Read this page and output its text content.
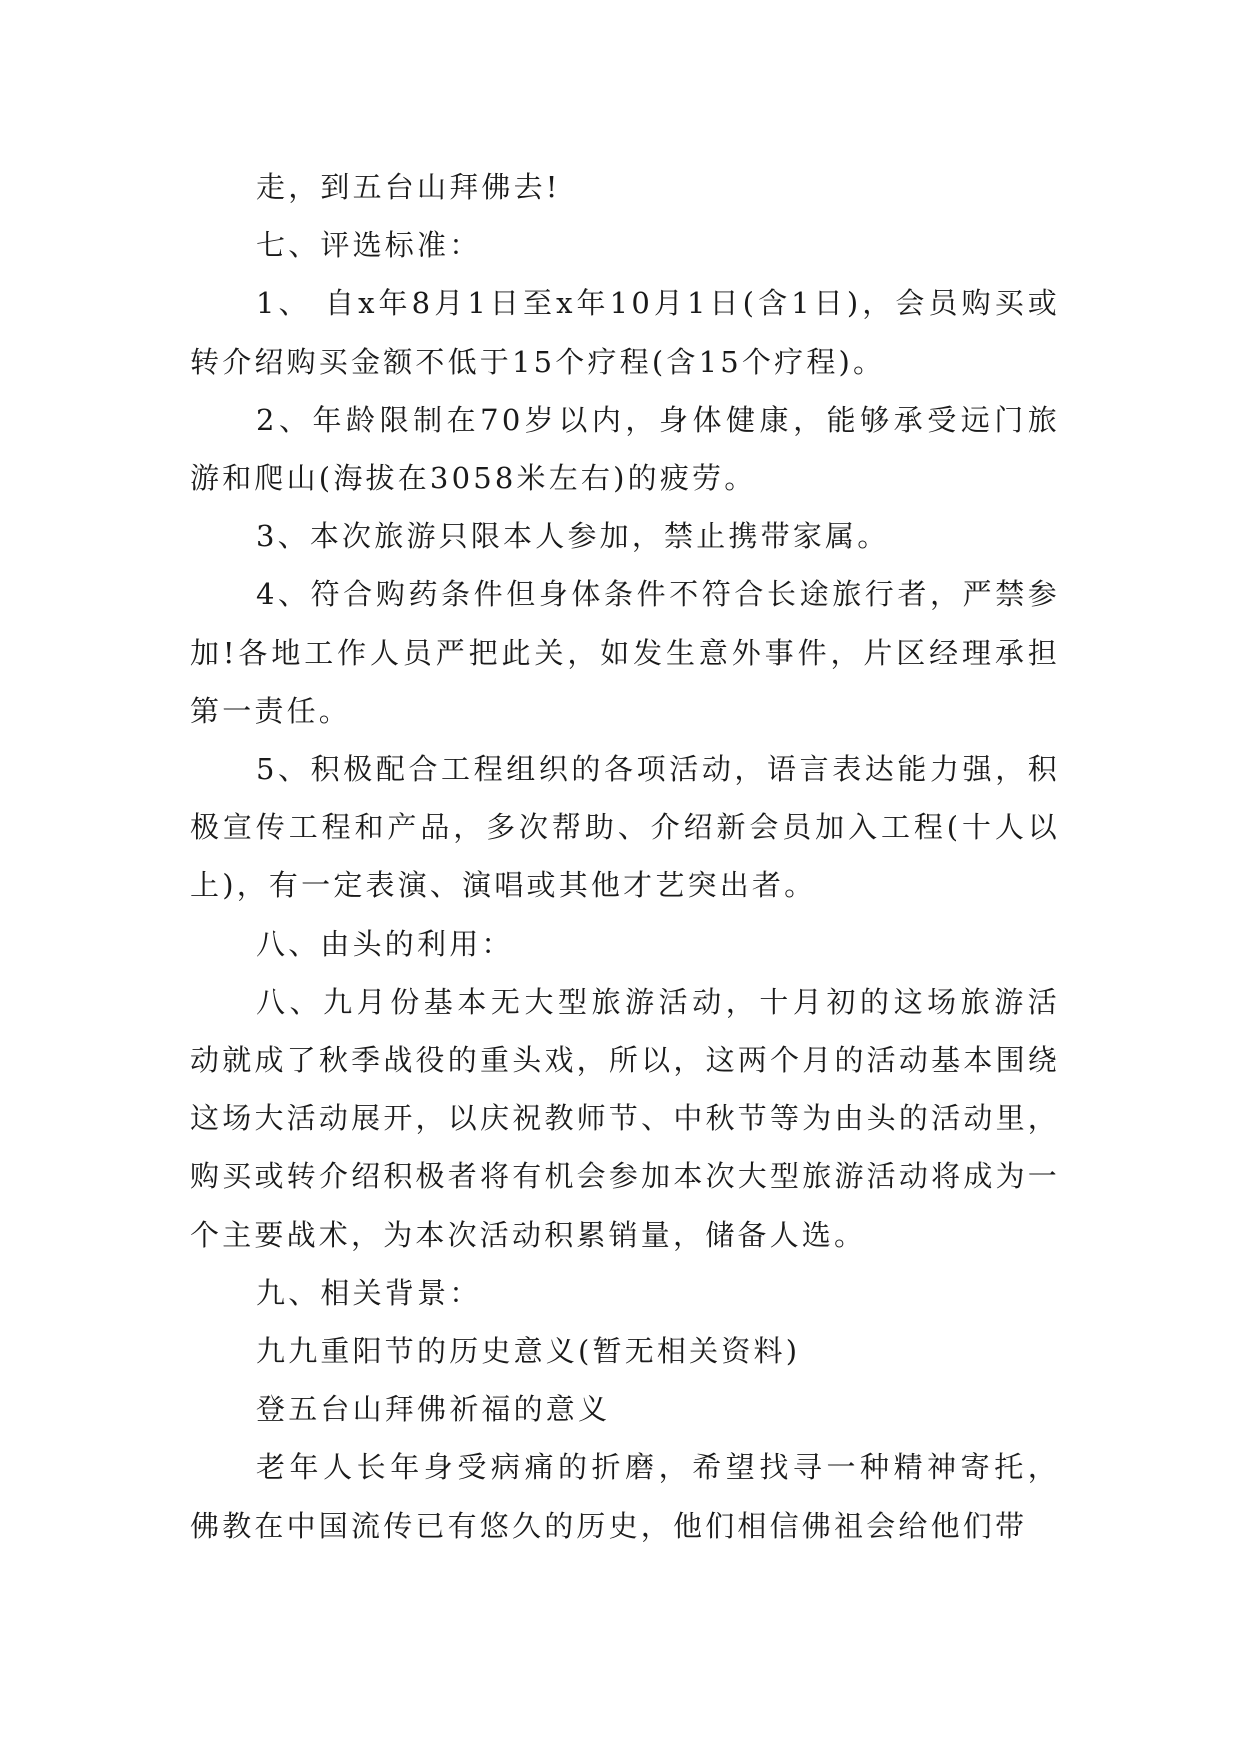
走，到五台山拜佛去!

七、评选标准：

1、 自x年8月1日至x年10月1日(含1日)，会员购买或转介绍购买金额不低于15个疗程(含15个疗程)。

2、年龄限制在70岁以内，身体健康，能够承受远门旅游和爬山(海拔在3058米左右)的疲劳。

3、本次旅游只限本人参加，禁止携带家属。

4、符合购药条件但身体条件不符合长途旅行者，严禁参加!各地工作人员严把此关，如发生意外事件，片区经理承担第一责任。

5、积极配合工程组织的各项活动，语言表达能力强，积极宣传工程和产品，多次帮助、介绍新会员加入工程(十人以上)，有一定表演、演唱或其他才艺突出者。

八、由头的利用：

八、九月份基本无大型旅游活动，十月初的这场旅游活动就成了秋季战役的重头戏，所以，这两个月的活动基本围绕这场大活动展开，以庆祝教师节、中秋节等为由头的活动里，购买或转介绍积极者将有机会参加本次大型旅游活动将成为一个主要战术，为本次活动积累销量，储备人选。

九、相关背景：

九九重阳节的历史意义(暂无相关资料)

登五台山拜佛祈福的意义

老年人长年身受病痛的折磨，希望找寻一种精神寄托，佛教在中国流传已有悠久的历史，他们相信佛祖会给他们带
